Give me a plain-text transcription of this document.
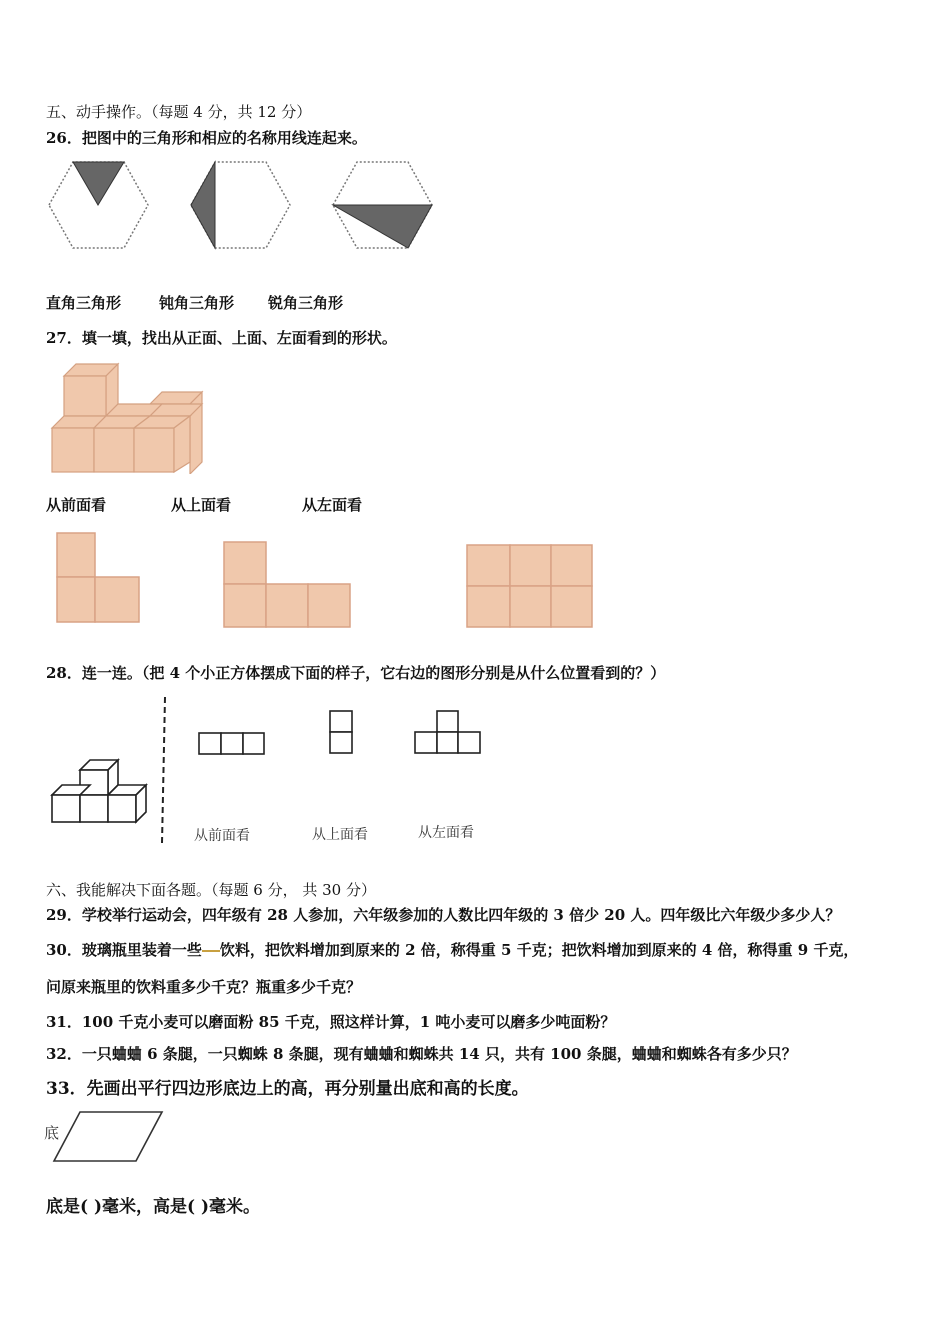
五、动手操作。（每题 4 分，共 12 分）
26．把图中的三角形和相应的名称用线连起来。
直角三角形	钝角三角形 锐角三角形
27．填一填，找出从正面、上面、左面看到的形状。
从前面看	从上面看	从左面看
28．连一连。（把 4 个小正方体摆成下面的样子，它右边的图形分别是从什么位置看到的？）
从前面看	从上面看	从左面看
六、我能解决下面各题。（每题 6 分， 共 30 分）
29．学校举行运动会，四年级有 28 人参加，六年级参加的人数比四年级的 3 倍少 20 人。四年级比六年级少多少人？
30．玻璃瓶里装着一些 饮料，把饮料增加到原来的 2 倍，称得重 5 千克；把饮料增加到原来的 4 倍，称得重 9 千克，
问原来瓶里的饮料重多少千克？瓶重多少千克？
31．100 千克小麦可以磨面粉 85 千克，照这样计算，1 吨小麦可以磨多少吨面粉？
32．一只蛐蛐 6 条腿，一只蜘蛛 8 条腿，现有蛐蛐和蜘蛛共 14 只，共有 100 条腿，蛐蛐和蜘蛛各有多少只？
33．先画出平行四边形底边上的高，再分别量出底和高的长度。
底
底是( )毫米，高是( )毫米。
